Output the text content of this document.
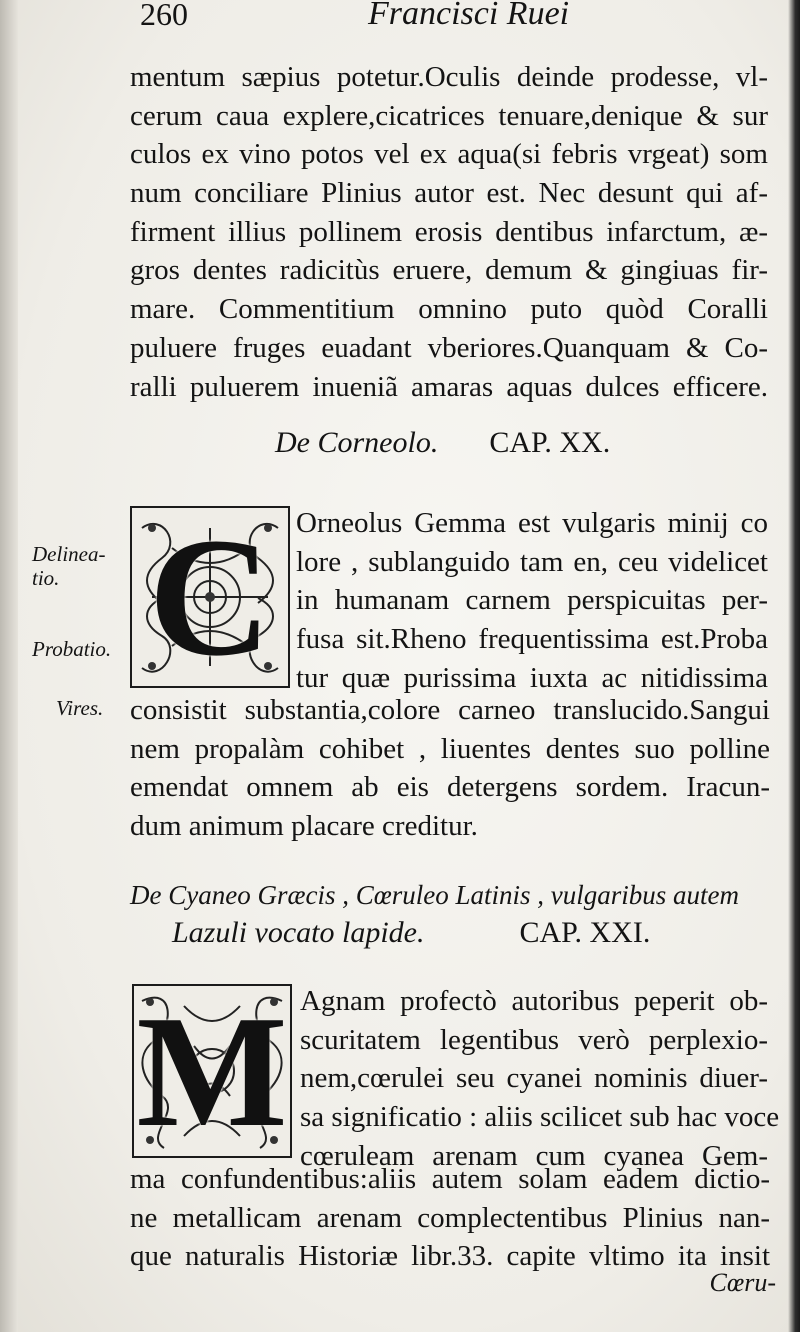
260	Francisci Ruei
mentum sæpius potetur.Oculis deinde prodesse, vl-
cerum caua explere,cicatrices tenuare,denique & sur
culos ex vino potos vel ex aqua(si febris vrgeat) som
num conciliare Plinius autor est. Nec desunt qui af-
firment illius pollinem erosis dentibus infarctum, æ-
gros dentes radicitùs eruere, demum & gingiuas fir-
mare. Commentitium omnino puto quòd Coralli
puluere fruges euadant vberiores.Quanquam & Co-
ralli puluerem inueniã amaras aquas dulces efficere.
De Corneolo. CAP. XX.
Delinea-
tio.
Probatio.
Vires.
C Orneolus Gemma est vulgaris minij co
lore , sublanguido tam en, ceu videlicet
in humanam carnem perspicuitas per-
fusa sit.Rheno frequentissima est.Proba
tur quæ purissima iuxta ac nitidissima
consistit substantia,colore carneo translucido.Sangui
nem propalàm cohibet , liuentes dentes suo polline
emendat omnem ab eis detergens sordem. Iracun-
dum animum placare creditur.
De Cyaneo Græcis , Cœruleo Latinis , vulgaribus autem
Lazuli vocato lapide.	CAP. XXI.
M Agnam profectò autoribus peperit ob-
scuritatem legentibus verò perplexio-
nem,cœrulei seu cyanei nominis diuer-
sa significatio : aliis scilicet sub hac voce
cœruleam arenam cum cyanea Gem-
ma confundentibus:aliis autem solam eadem dictio-
ne metallicam arenam complectentibus Plinius nan-
que naturalis Historiæ libr.33. capite vltimo ita insit
Cœru-
